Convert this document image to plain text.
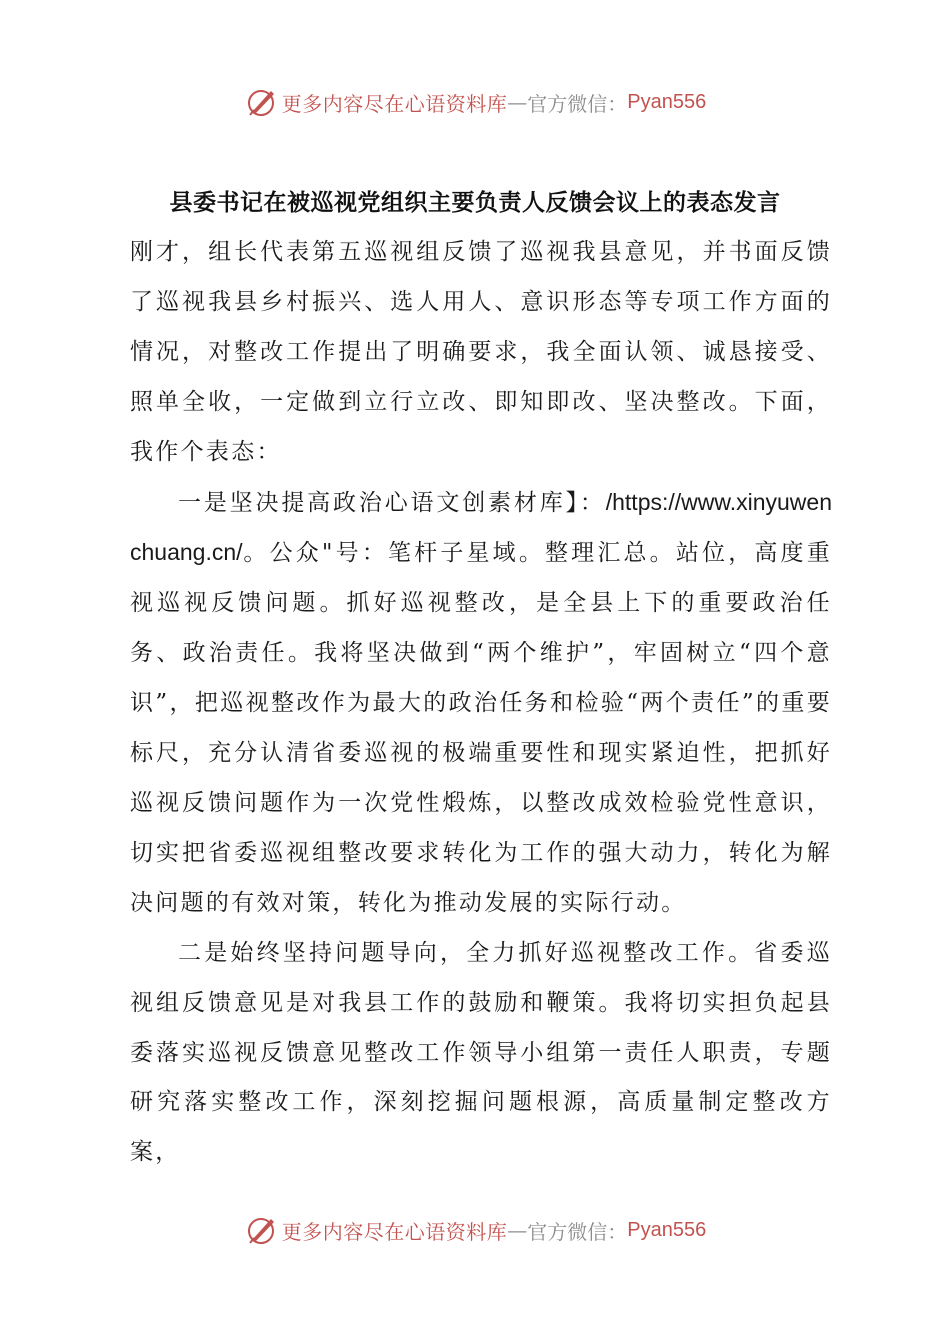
更多内容尽在心语资料库 — 官方微信： Pyan556
县委书记在被巡视党组织主要负责人反馈会议上的表态发言

刚才，组长代表第五巡视组反馈了巡视我县意见，并书面反馈了巡视我县乡村振兴、选人用人、意识形态等专项工作方面的情况，对整改工作提出了明确要求，我全面认领、诚恳接受、照单全收，一定做到立行立改、即知即改、坚决整改。下面，我作个表态：

一是坚决提高政治心语文创素材库】：/https://www.xinyuwenchuang.cn/。公众"号：笔杆子星域。整理汇总。站位，高度重视巡视反馈问题。抓好巡视整改，是全县上下的重要政治任务、政治责任。我将坚决做到“两个维护”，牢固树立“四个意识”，把巡视整改作为最大的政治任务和检验“两个责任”的重要标尺，充分认清省委巡视的极端重要性和现实紧迫性，把抓好巡视反馈问题作为一次党性煅炼，以整改成效检验党性意识，切实把省委巡视组整改要求转化为工作的强大动力，转化为解决问题的有效对策，转化为推动发展的实际行动。

二是始终坚持问题导向，全力抓好巡视整改工作。省委巡视组反馈意见是对我县工作的鼓励和鞭策。我将切实担负起县委落实巡视反馈意见整改工作领导小组第一责任人职责，专题研究落实整改工作，深刻挖掘问题根源，高质量制定整改方案，

更多内容尽在心语资料库 — 官方微信： Pyan556
